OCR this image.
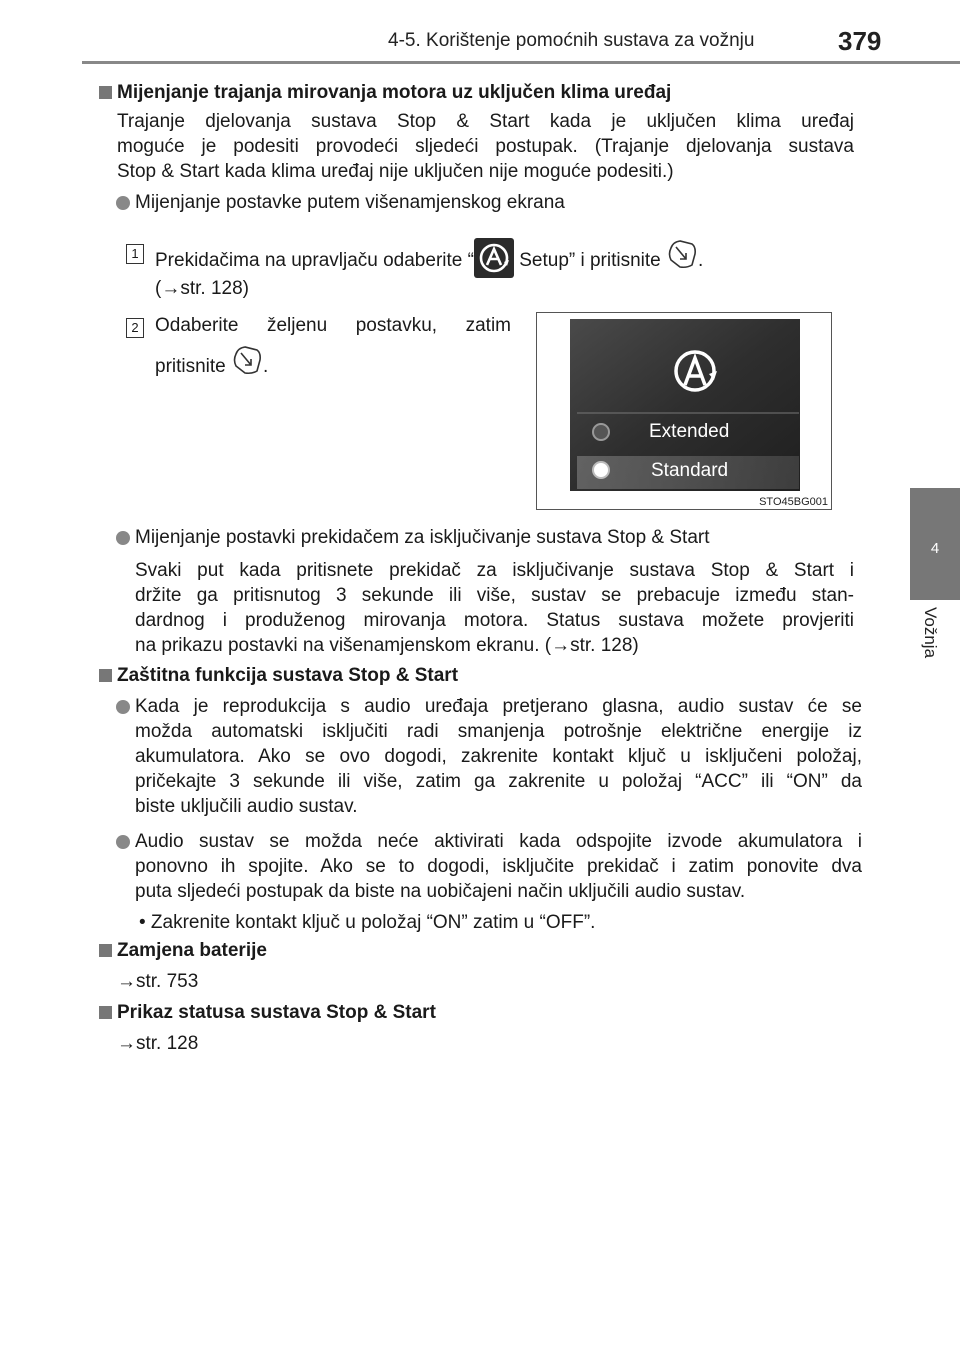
4-5. Korištenje pomoćnih sustava za vožnju	379
4
Vožnja
Mijenjanje trajanja mirovanja motora uz uključen klima uređaj
Trajanje djelovanja sustava Stop & Start kada je uključen klima uređaj
moguće je podesiti provodeći sljedeći postupak. (Trajanje djelovanja sustava
Stop & Start kada klima uređaj nije uključen nije moguće podesiti.)
Mijenjanje postavke putem višenamjenskog ekrana
1 Prekidačima na upravljaču odaberite “ Setup” i pritisnite .
(→str. 128)
2 Odaberite željenu postavku, zatim
pritisnite .
Extended
Standard
STO45BG001
Mijenjanje postavki prekidačem za isključivanje sustava Stop & Start
Svaki put kada pritisnete prekidač za isključivanje sustava Stop & Start i
držite ga pritisnutog 3 sekunde ili više, sustav se prebacuje između stan-
dardnog i produženog mirovanja motora. Status sustava možete provjeriti
na prikazu postavki na višenamjenskom ekranu. (→str. 128)
Zaštitna funkcija sustava Stop & Start
Kada je reprodukcija s audio uređaja pretjerano glasna, audio sustav će se
možda automatski isključiti radi smanjenja potrošnje električne energije iz
akumulatora. Ako se ovo dogodi, zakrenite kontakt ključ u isključeni položaj,
pričekajte 3 sekunde ili više, zatim ga zakrenite u položaj “ACC” ili “ON” da
biste uključili audio sustav.
Audio sustav se možda neće aktivirati kada odspojite izvode akumulatora i
ponovno ih spojite. Ako se to dogodi, isključite prekidač i zatim ponovite dva
puta sljedeći postupak da biste na uobičajeni način uključili audio sustav.
• Zakrenite kontakt ključ u položaj “ON” zatim u “OFF”.
Zamjena baterije
→str. 753
Prikaz statusa sustava Stop & Start
→str. 128
